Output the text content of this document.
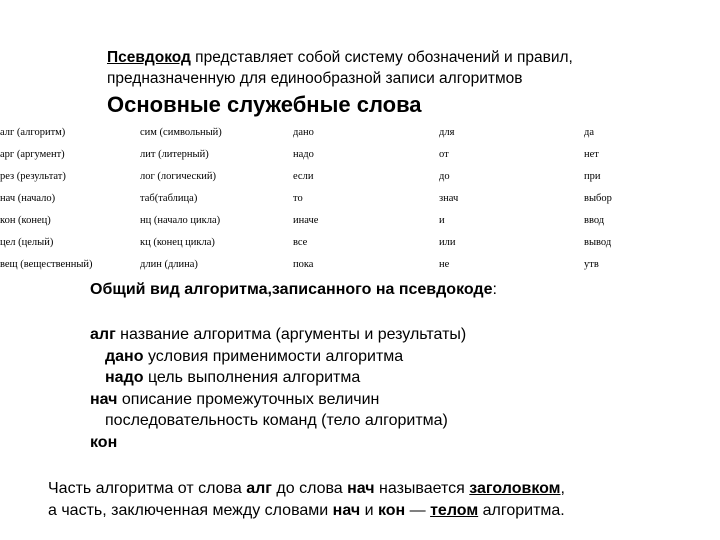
Псевдокод представляет собой систему обозначений и правил,
предназначенную для единообразной записи алгоритмов
Основные служебные слова
алг (алгоритм)	сим (символьный)	дано	для	да
арг (аргумент)	лит (литерный)	надо	от	нет
рез (результат)	лог (логический)	если	до	при
нач (начало)	таб(таблица)	то	знач	выбор
кон (конец)	нц (начало цикла)	иначе	и	ввод
цел (целый)	кц (конец цикла)	все	или	вывод
вещ (вещественный)	длин (длина)	пока	не	утв
Общий вид алгоритма,записанного на псевдокоде:
алг название алгоритма (аргументы и результаты)
дано условия применимости алгоритма
надо цель выполнения алгоритма
нач описание промежуточных величин
последовательность команд (тело алгоритма)
кон
Часть алгоритма от слова алг до слова нач называется заголовком,
а часть, заключенная между словами нач и кон — телом алгоритма.
